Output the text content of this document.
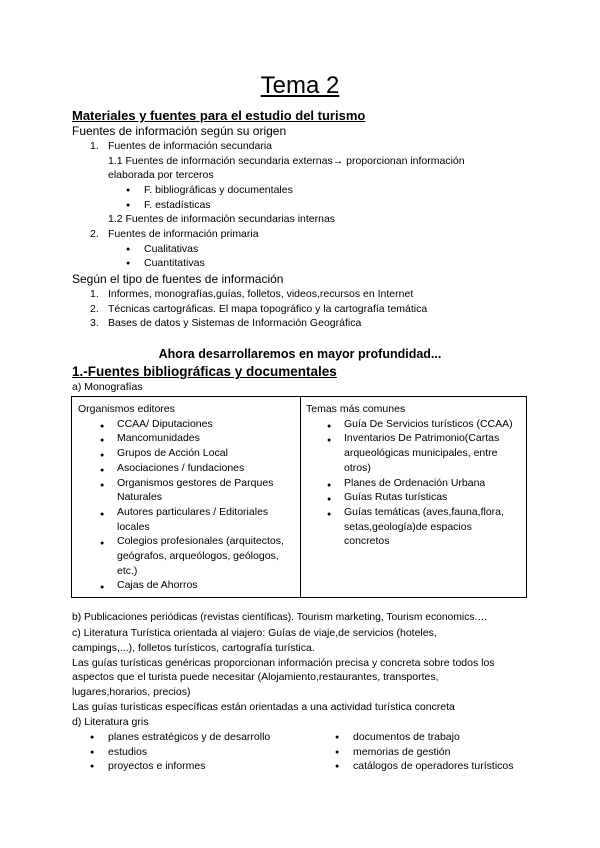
Tema 2
Materiales y fuentes para el estudio del turismo
Fuentes de información según su origen
1. Fuentes de información secundaria
1.1 Fuentes de información secundaria externas→ proporcionan información
elaborada por terceros
● F. bibliográficas y documentales
● F. estadísticas
1.2 Fuentes de información secundarias internas
2. Fuentes de información primaria
● Cualitativas
● Cuantitativas
Según el tipo de fuentes de información
1. Informes, monografías,guías, folletos, videos,recursos en Internet
2. Técnicas cartográficas. El mapa topográfico y la cartografía temática
3. Bases de datos y Sistemas de Información Geográfica
Ahora desarrollaremos en mayor profundidad...
1.-Fuentes bibliográficas y documentales
a) Monografías
Organismos editores
● CCAA/ Diputaciones
● Mancomunidades
● Grupos de Acción Local
● Asociaciones / fundaciones
● Organismos gestores de Parques Naturales
● Autores particulares / Editoriales locales
● Colegios profesionales (arquitectos, geógrafos, arqueólogos, geólogos, etc.)
● Cajas de Ahorros

Temas más comunes
● Guía De Servicios turísticos (CCAA)
● Inventarios De Patrimonio(Cartas arqueológicas municipales, entre otros)
● Planes de Ordenación Urbana
● Guías Rutas turísticas
● Guías temáticas (aves,fauna,flora, setas,geología)de espacios concretos
b) Publicaciones periódicas (revistas científicas). Tourism marketing, Tourism economics.…
c) Literatura Turística orientada al viajero: Guías de viaje,de servicios (hoteles,
campings,...), folletos turísticos, cartografía turística.
Las guías turísticas genéricas proporcionan información precisa y concreta sobre todos los
aspectos que el turista puede necesitar (Alojamiento,restaurantes, transportes,
lugares,horarios, precios)
Las guías turísticas específicas están orientadas a una actividad turística concreta
d) Literatura gris
● planes estratégicos y de desarrollo
● estudios
● proyectos e informes
● documentos de trabajo
● memorias de gestión
● catálogos de operadores turísticos
